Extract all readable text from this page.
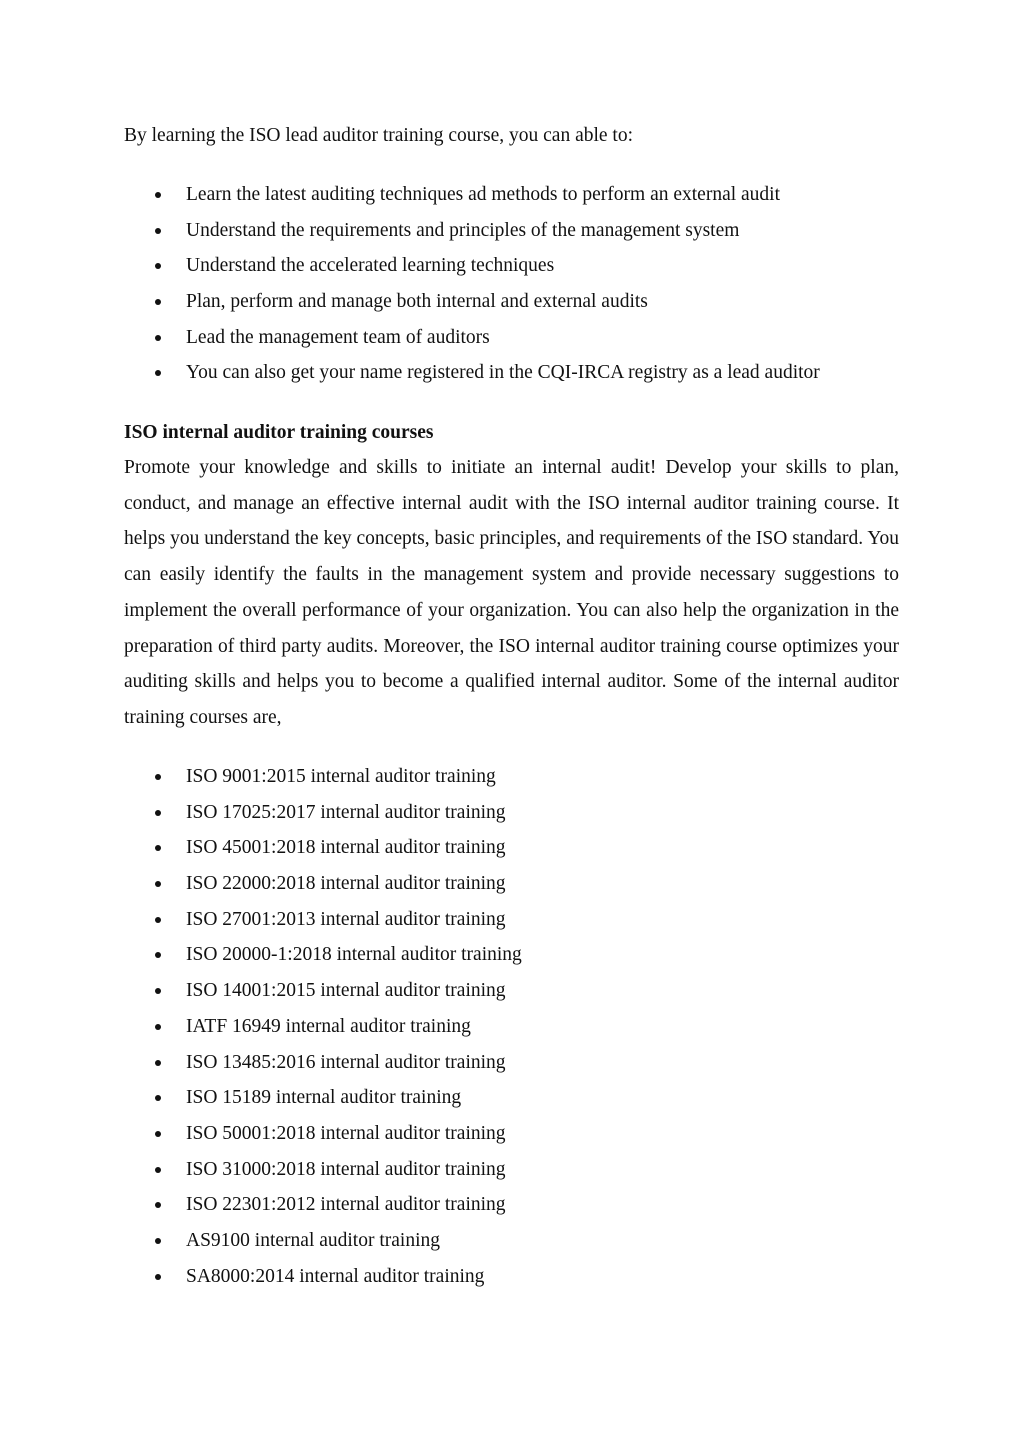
By learning the ISO lead auditor training course, you can able to:

Learn the latest auditing techniques ad methods to perform an external audit
Understand the requirements and principles of the management system
Understand the accelerated learning techniques
Plan, perform and manage both internal and external audits
Lead the management team of auditors
You can also get your name registered in the CQI-IRCA registry as a lead auditor
ISO internal auditor training courses

Promote your knowledge and skills to initiate an internal audit! Develop your skills to plan, conduct, and manage an effective internal audit with the ISO internal auditor training course. It helps you understand the key concepts, basic principles, and requirements of the ISO standard. You can easily identify the faults in the management system and provide necessary suggestions to implement the overall performance of your organization. You can also help the organization in the preparation of third party audits. Moreover, the ISO internal auditor training course optimizes your auditing skills and helps you to become a qualified internal auditor. Some of the internal auditor training courses are,

ISO 9001:2015 internal auditor training
ISO 17025:2017 internal auditor training
ISO 45001:2018 internal auditor training
ISO 22000:2018 internal auditor training
ISO 27001:2013 internal auditor training
ISO 20000-1:2018 internal auditor training
ISO 14001:2015 internal auditor training
IATF 16949 internal auditor training
ISO 13485:2016 internal auditor training
ISO 15189 internal auditor training
ISO 50001:2018 internal auditor training
ISO 31000:2018 internal auditor training
ISO 22301:2012 internal auditor training
AS9100 internal auditor training
SA8000:2014 internal auditor training
